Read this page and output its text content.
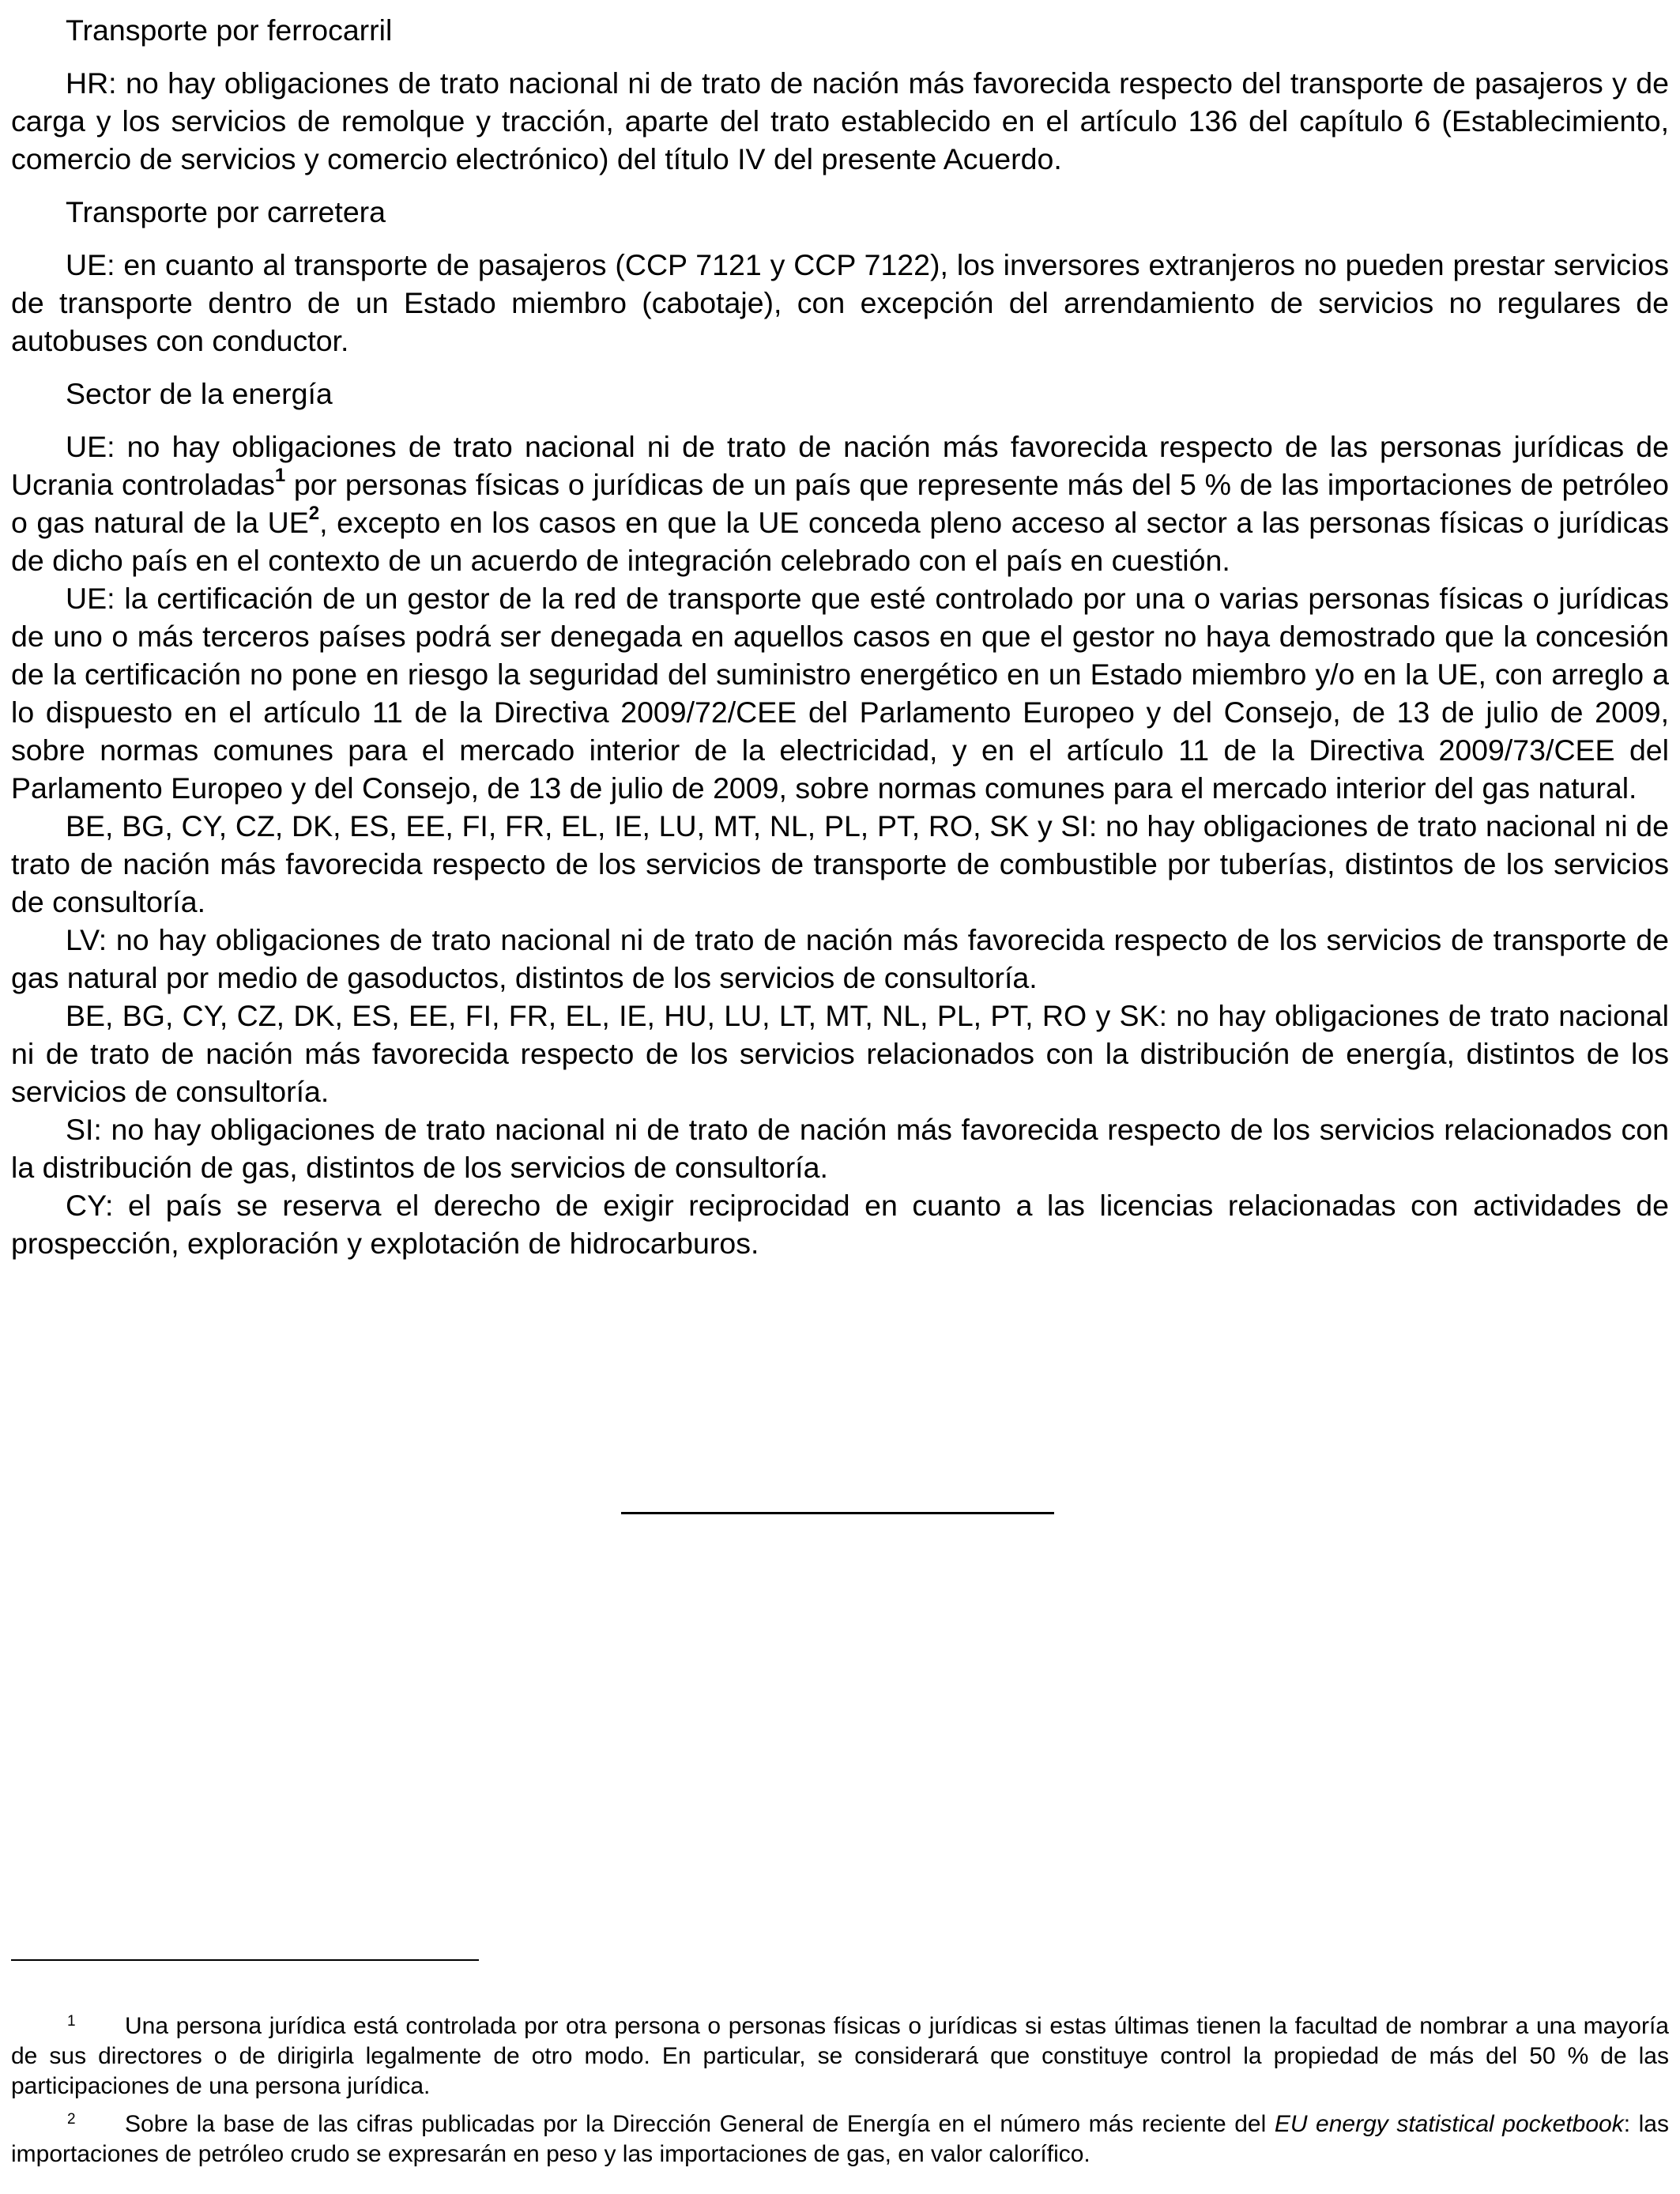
Transporte por ferrocarril

HR: no hay obligaciones de trato nacional ni de trato de nación más favorecida respecto del transporte de pasajeros y de carga y los servicios de remolque y tracción, aparte del trato establecido en el artículo 136 del capítulo 6 (Establecimiento, comercio de servicios y comercio electrónico) del título IV del presente Acuerdo.

Transporte por carretera

UE: en cuanto al transporte de pasajeros (CCP 7121 y CCP 7122), los inversores extranjeros no pueden prestar servicios de transporte dentro de un Estado miembro (cabotaje), con excepción del arrendamiento de servicios no regulares de autobuses con conductor.

Sector de la energía

UE: no hay obligaciones de trato nacional ni de trato de nación más favorecida respecto de las personas jurídicas de Ucrania controladas$^1$ por personas físicas o jurídicas de un país que represente más del 5 % de las importaciones de petróleo o gas natural de la UE$^2$, excepto en los casos en que la UE conceda pleno acceso al sector a las personas físicas o jurídicas de dicho país en el contexto de un acuerdo de integración celebrado con el país en cuestión.

UE: la certificación de un gestor de la red de transporte que esté controlado por una o varias personas físicas o jurídicas de uno o más terceros países podrá ser denegada en aquellos casos en que el gestor no haya demostrado que la concesión de la certificación no pone en riesgo la seguridad del suministro energético en un Estado miembro y/o en la UE, con arreglo a lo dispuesto en el artículo 11 de la Directiva 2009/72/CEE del Parlamento Europeo y del Consejo, de 13 de julio de 2009, sobre normas comunes para el mercado interior de la electricidad, y en el artículo 11 de la Directiva 2009/73/CEE del Parlamento Europeo y del Consejo, de 13 de julio de 2009, sobre normas comunes para el mercado interior del gas natural.

BE, BG, CY, CZ, DK, ES, EE, FI, FR, EL, IE, LU, MT, NL, PL, PT, RO, SK y SI: no hay obligaciones de trato nacional ni de trato de nación más favorecida respecto de los servicios de transporte de combustible por tuberías, distintos de los servicios de consultoría.

LV: no hay obligaciones de trato nacional ni de trato de nación más favorecida respecto de los servicios de transporte de gas natural por medio de gasoductos, distintos de los servicios de consultoría.

BE, BG, CY, CZ, DK, ES, EE, FI, FR, EL, IE, HU, LU, LT, MT, NL, PL, PT, RO y SK: no hay obligaciones de trato nacional ni de trato de nación más favorecida respecto de los servicios relacionados con la distribución de energía, distintos de los servicios de consultoría.

SI: no hay obligaciones de trato nacional ni de trato de nación más favorecida respecto de los servicios relacionados con la distribución de gas, distintos de los servicios de consultoría.

CY: el país se reserva el derecho de exigir reciprocidad en cuanto a las licencias relacionadas con actividades de prospección, exploración y explotación de hidrocarburos.

1 Una persona jurídica está controlada por otra persona o personas físicas o jurídicas si estas últimas tienen la facultad de nombrar a una mayoría de sus directores o de dirigirla legalmente de otro modo. En particular, se considerará que constituye control la propiedad de más del 50 % de las participaciones de una persona jurídica.

2 Sobre la base de las cifras publicadas por la Dirección General de Energía en el número más reciente del EU energy statistical pocketbook: las importaciones de petróleo crudo se expresarán en peso y las importaciones de gas, en valor calorífico.
